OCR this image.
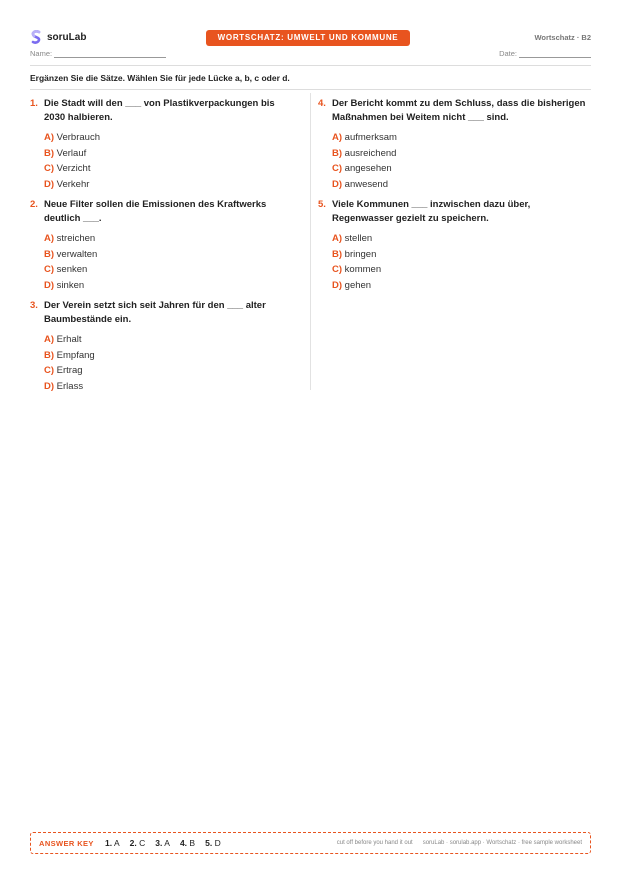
soruLab	WORTSCHATZ: UMWELT UND KOMMUNE	Wortschatz · B2
Name:	Date:
Ergänzen Sie die Sätze. Wählen Sie für jede Lücke a, b, c oder d.
1. Die Stadt will den ___ von Plastikverpackungen bis 2030 halbieren.
A) Verbrauch
B) Verlauf
C) Verzicht
D) Verkehr
2. Neue Filter sollen die Emissionen des Kraftwerks deutlich ___.
A) streichen
B) verwalten
C) senken
D) sinken
3. Der Verein setzt sich seit Jahren für den ___ alter Baumbestände ein.
A) Erhalt
B) Empfang
C) Ertrag
D) Erlass
4. Der Bericht kommt zu dem Schluss, dass die bisherigen Maßnahmen bei Weitem nicht ___ sind.
A) aufmerksam
B) ausreichend
C) angesehen
D) anwesend
5. Viele Kommunen ___ inzwischen dazu über, Regenwasser gezielt zu speichern.
A) stellen
B) bringen
C) kommen
D) gehen
ANSWER KEY 1. A 2. C 3. A 4. B 5. D	cut off before you hand it out soruLab · sorulab.app · Wortschatz · free sample worksheet
